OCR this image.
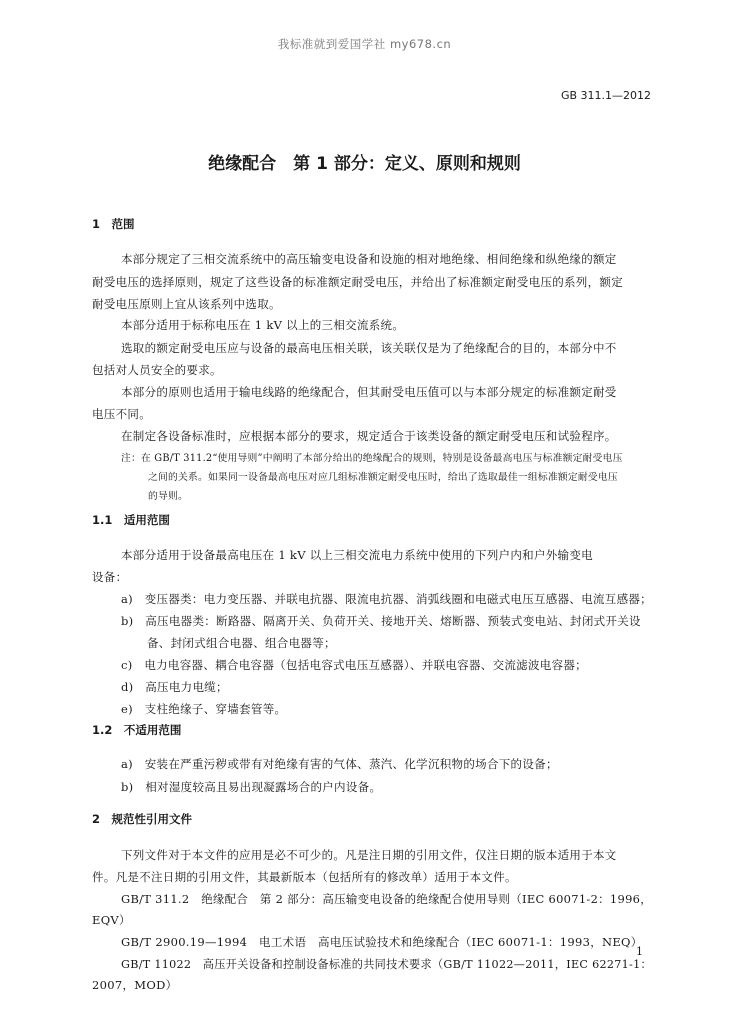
我标准就到爱国学社 my678.cn
GB 311.1—2012
绝缘配合　第 1 部分：定义、原则和规则
1　范围
本部分规定了三相交流系统中的高压输变电设备和设施的相对地绝缘、相间绝缘和纵绝缘的额定
耐受电压的选择原则，规定了这些设备的标准额定耐受电压，并给出了标准额定耐受电压的系列，额定
耐受电压原则上宜从该系列中选取。
本部分适用于标称电压在 1 kV 以上的三相交流系统。
选取的额定耐受电压应与设备的最高电压相关联，该关联仅是为了绝缘配合的目的，本部分中不
包括对人员安全的要求。
本部分的原则也适用于输电线路的绝缘配合，但其耐受电压值可以与本部分规定的标准额定耐受
电压不同。
在制定各设备标准时，应根据本部分的要求，规定适合于该类设备的额定耐受电压和试验程序。
注：在 GB/T 311.2“使用导则”中阐明了本部分给出的绝缘配合的规则，特别是设备最高电压与标准额定耐受电压
之间的关系。如果同一设备最高电压对应几组标准额定耐受电压时，给出了选取最佳一组标准额定耐受电压
的导则。
1.1　适用范围
本部分适用于设备最高电压在 1 kV 以上三相交流电力系统中使用的下列户内和户外输变电
设备：
a)　变压器类：电力变压器、并联电抗器、限流电抗器、消弧线圈和电磁式电压互感器、电流互感器；
b)　高压电器类：断路器、隔离开关、负荷开关、接地开关、熔断器、预装式变电站、封闭式开关设
备、封闭式组合电器、组合电器等；
c)　电力电容器、耦合电容器（包括电容式电压互感器）、并联电容器、交流滤波电容器；
d)　高压电力电缆；
e)　支柱绝缘子、穿墙套管等。
1.2　不适用范围
a)　安装在严重污秽或带有对绝缘有害的气体、蒸汽、化学沉积物的场合下的设备；
b)　相对湿度较高且易出现凝露场合的户内设备。
2　规范性引用文件
下列文件对于本文件的应用是必不可少的。凡是注日期的引用文件，仅注日期的版本适用于本文
件。凡是不注日期的引用文件，其最新版本（包括所有的修改单）适用于本文件。
GB/T 311.2　绝缘配合　第 2 部分：高压输变电设备的绝缘配合使用导则（IEC 60071-2：1996，
EQV）
GB/T 2900.19—1994　电工术语　高电压试验技术和绝缘配合（IEC 60071-1：1993，NEQ）
GB/T 11022　高压开关设备和控制设备标准的共同技术要求（GB/T 11022—2011，IEC 62271-1：
2007，MOD）
1
